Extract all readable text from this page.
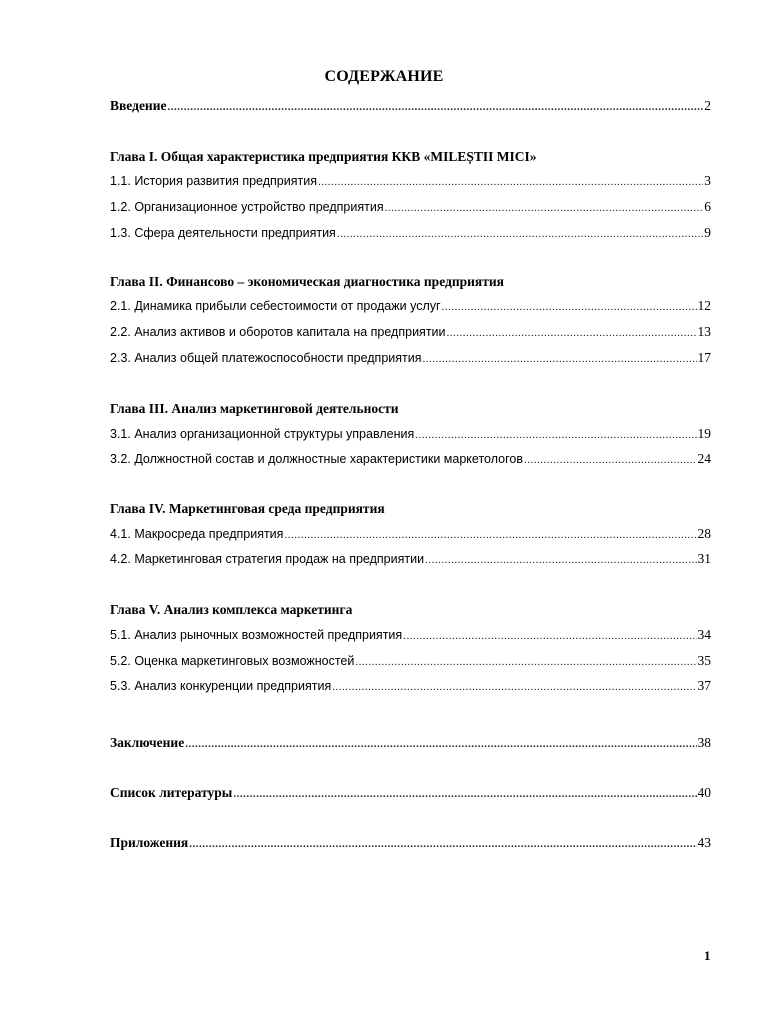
СОДЕРЖАНИЕ
Введение .....	2
Глава I. Общая характеристика предприятия ККВ «MILEȘTII MICI»
1.1. История развития предприятия .....	3
1.2. Организационное устройство предприятия .....	6
1.3. Сфера деятельности предприятия .....	9
Глава II. Финансово – экономическая диагностика предприятия
2.1. Динамика прибыли себестоимости от продажи услуг .....	12
2.2. Анализ активов и оборотов капитала на предприятии .....	13
2.3. Анализ общей платежоспособности предприятия .....	17
Глава III. Анализ маркетинговой деятельности
3.1. Анализ организационной структуры управления .....	19
3.2. Должностной состав и должностные характеристики маркетологов .....	24
Глава IV. Маркетинговая среда предприятия
4.1. Макросреда предприятия .....	28
4.2. Маркетинговая стратегия продаж на предприятии .....	31
Глава V. Анализ комплекса маркетинга
5.1. Анализ рыночных возможностей предприятия .....	34
5.2. Оценка маркетинговых возможностей .....	35
5.3. Анализ конкуренции предприятия .....	37
Заключение .....	38
Список литературы .....	40
Приложения .....	43
1
